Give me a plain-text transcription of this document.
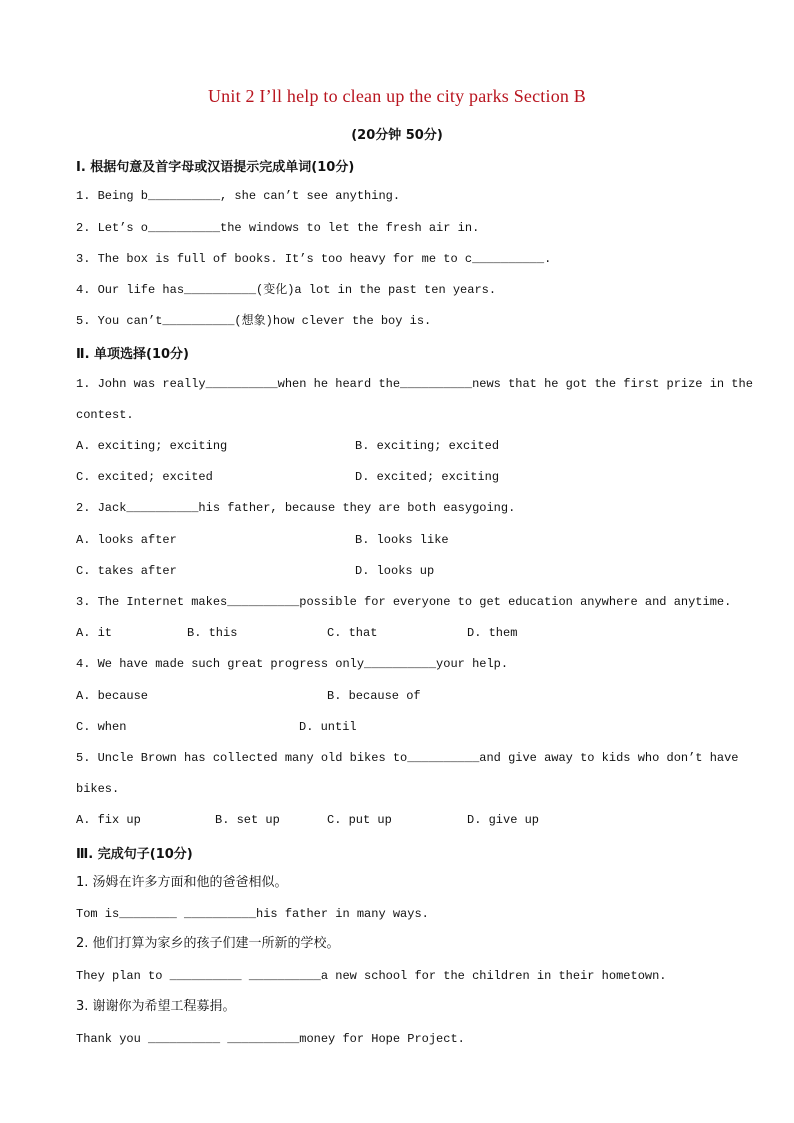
Unit 2 I’ll help to clean up the city parks Section B
(20分钟 50分)
Ⅰ. 根据句意及首字母或汉语提示完成单词(10分)
1. Being b__________, she can’t see anything.
2. Let’s o__________the windows to let the fresh air in.
3. The box is full of books. It’s too heavy for me to c__________.
4. Our life has__________(变化)a lot in the past ten years.
5. You can’t__________(想象)how clever the boy is.
Ⅱ. 单项选择(10分)
1. John was really__________when he heard the__________news that he got the first prize in the
contest.
A. exciting; exciting	B. exciting; excited
C. excited; excited	D. excited; exciting
2. Jack__________his father, because they are both easygoing.
A. looks after	B. looks like
C. takes after	D. looks up
3. The Internet makes__________possible for everyone to get education anywhere and anytime.
A. it	B. this	C. that	D. them
4. We have made such great progress only__________your help.
A. because	B. because of
C. when	D. until
5. Uncle Brown has collected many old bikes to__________and give away to kids who don’t have
bikes.
A. fix up	B. set up	C. put up	D. give up
Ⅲ. 完成句子(10分)
1. 汤姆在许多方面和他的爸爸相似。
Tom is________ __________his father in many ways.
2. 他们打算为家乡的孩子们建一所新的学校。
They plan to __________ __________a new school for the children in their hometown.
3. 谢谢你为希望工程募捐。
Thank you __________ __________money for Hope Project.
